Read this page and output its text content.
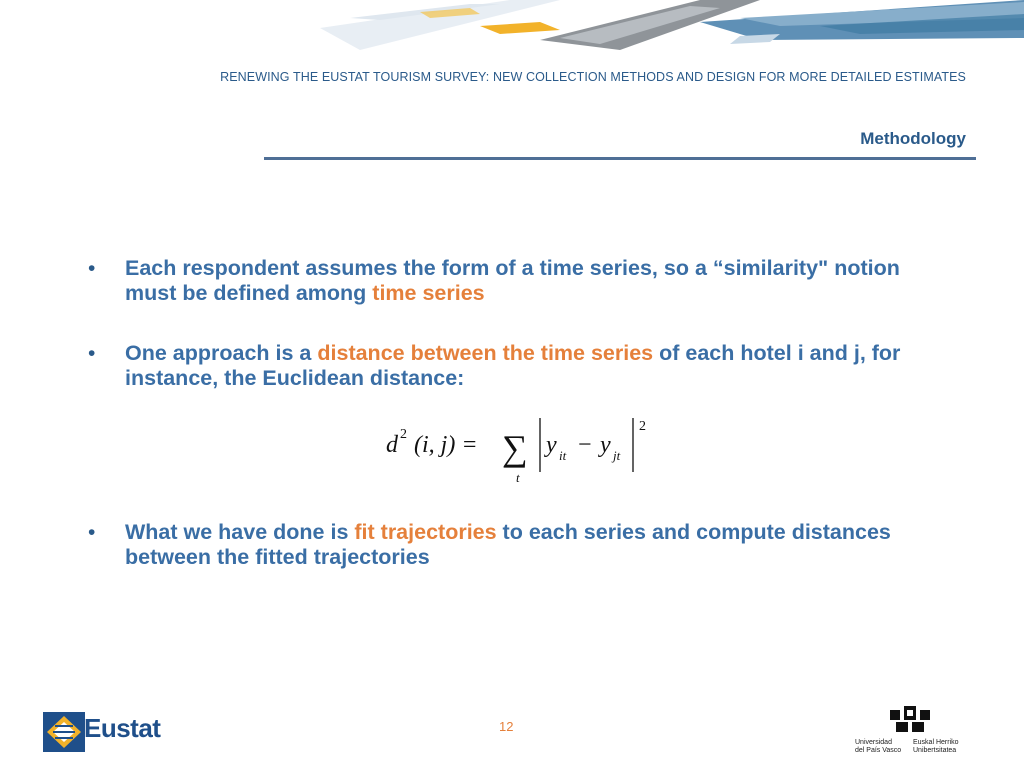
RENEWING THE EUSTAT TOURISM SURVEY: NEW COLLECTION METHODS AND DESIGN FOR MORE DETAILED ESTIMATES
Methodology
• Each respondent assumes the form of a time series, so a “similarity" notion must be defined among time series
• One approach is a distance between the time series of each hotel i and j, for instance, the Euclidean distance:
d 2 (i, j) = ∑
t
y it − y jt
2
• What we have done is fit trajectories to each series and compute distances between the fitted trajectories
12
Eustat	Universidad
del País Vasco
Euskal Herriko
Unibertsitatea
